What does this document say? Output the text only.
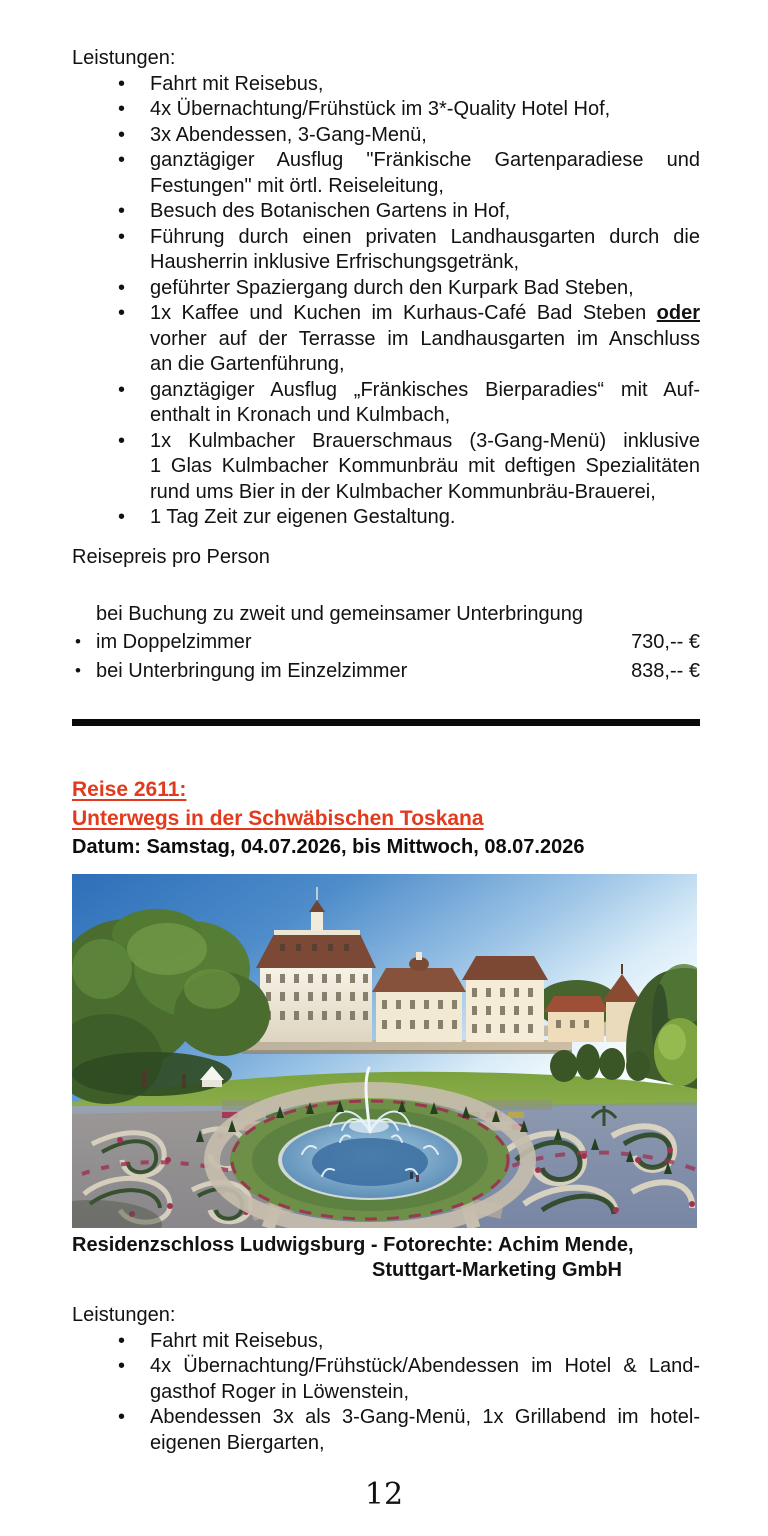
Leistungen:
•	Fahrt mit Reisebus,
•	4x Übernachtung/Frühstück im 3*-Quality Hotel Hof,
•	3x Abendessen, 3-Gang-Menü,
•	ganztägiger Ausflug "Fränkische Gartenparadiese und
Festungen" mit örtl. Reiseleitung,
•	Besuch des Botanischen Gartens in Hof,
•	Führung durch einen privaten Landhausgarten durch die
Hausherrin inklusive Erfrischungsgetränk,
•	geführter Spaziergang durch den Kurpark Bad Steben,
•	1x Kaffee und Kuchen im Kurhaus-Café Bad Steben oder
vorher auf der Terrasse im Landhausgarten im Anschluss
an die Gartenführung,
•	ganztägiger Ausflug „Fränkisches Bierparadies“ mit Auf-
enthalt in Kronach und Kulmbach,
•	1x Kulmbacher Brauerschmaus (3-Gang-Menü) inklusive
1 Glas Kulmbacher Kommunbräu mit deftigen Spezialitäten
rund ums Bier in der Kulmbacher Kommunbräu-Brauerei,
•	1 Tag Zeit zur eigenen Gestaltung.
Reisepreis pro Person
•
bei Buchung zu zweit und gemeinsamer Unterbringung
im Doppelzimmer	730,-- €
• bei Unterbringung im Einzelzimmer	838,-- €
Reise 2611:
Unterwegs in der Schwäbischen Toskana
Datum: Samstag, 04.07.2026, bis Mittwoch, 08.07.2026
Residenzschloss Ludwigsburg - Fotorechte: Achim Mende,
Stuttgart-Marketing GmbH
Leistungen:
•	Fahrt mit Reisebus,
•	4x Übernachtung/Frühstück/Abendessen im Hotel & Land-
gasthof Roger in Löwenstein,
•	Abendessen 3x als 3-Gang-Menü, 1x Grillabend im hotel-
eigenen Biergarten,
12
